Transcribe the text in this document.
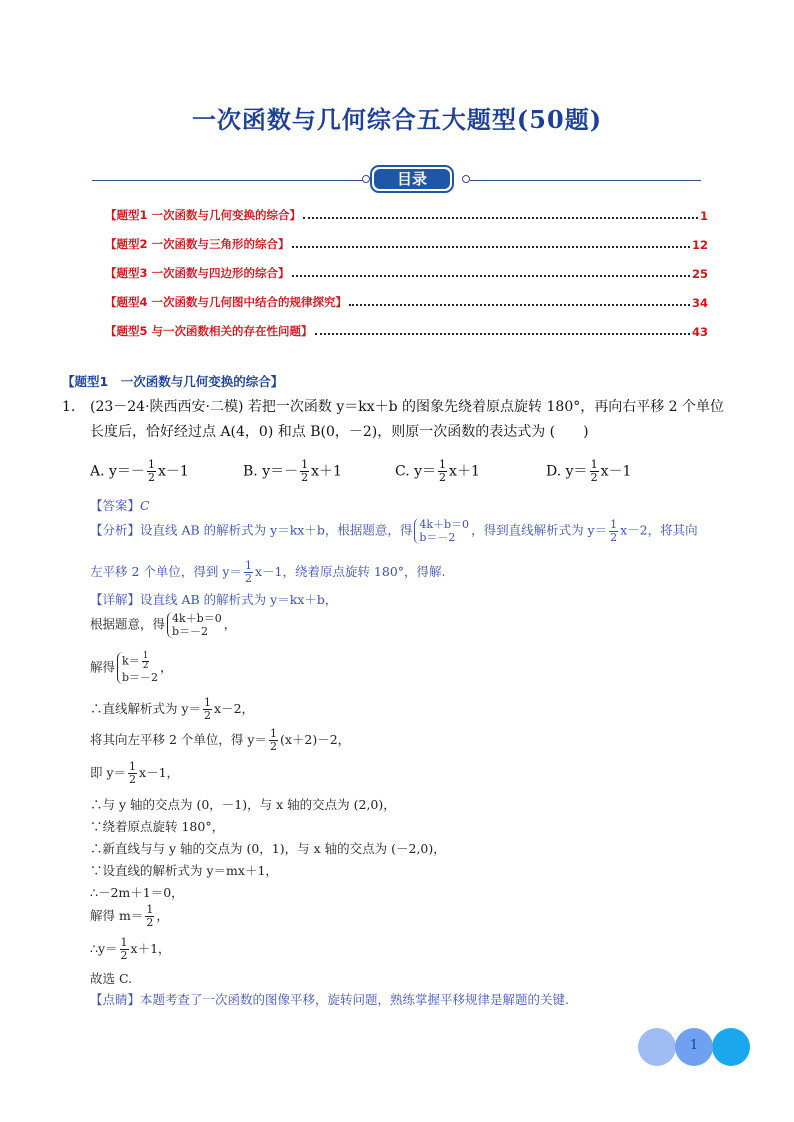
一次函数与几何综合五大题型(50题)
目录
【题型1 一次函数与几何变换的综合】	1
【题型2 一次函数与三角形的综合】	12
【题型3 一次函数与四边形的综合】	25
【题型4 一次函数与几何图中结合的规律探究】	34
【题型5 与一次函数相关的存在性问题】	43
【题型1　一次函数与几何变换的综合】
1. (23－24·陕西西安·二模) 若把一次函数 y＝kx＋b 的图象先绕着原点旋转 180°，再向右平移 2 个单位
长度后，恰好经过点 A(4，0) 和点 B(0，－2)，则原一次函数的表达式为 (　　)
A. $y=- \frac{1}{2} x-1$	B. $y=- \frac{1}{2} x+1$	C. $y= \frac{1}{2} x+1$	D. $y= \frac{1}{2} x-1$
【答案】C
【分析】设直线 AB 的解析式为 y＝kx＋b，根据题意，得 4k＋b＝0
b＝－2	，得到直线解析式为 $y= \frac{1}{2} x-2$，将其向
左平移 2 个单位，得到 $y= \frac{1}{2} x-1$，绕着原点旋转 180°，得解.
【详解】设直线 AB 的解析式为 y＝kx＋b，
根据题意，得 4k＋b＝0
b＝－2	，
解得 $k= \frac{1}{2}$
b＝－2
，
∴直线解析式为 $y= \frac{1}{2} x-2$，
将其向左平移 2 个单位，得 $y= \frac{1}{2} (x+2)-2$，
即 $y= \frac{1}{2} x-1$，
∴与 y 轴的交点为 (0，－1)，与 x 轴的交点为 (2,0)，
∵绕着原点旋转 180°，
∴新直线与与 y 轴的交点为 (0，1)，与 x 轴的交点为 (－2,0)，
∵设直线的解析式为 y＝mx＋1，
∴－2m＋1＝0，
解得 $m= \frac{1}{2}$ ，
∴y＝ $\frac{1}{2} x+1$，
故选 C.
【点睛】本题考查了一次函数的图像平移，旋转问题，熟练掌握平移规律是解题的关键.
1
